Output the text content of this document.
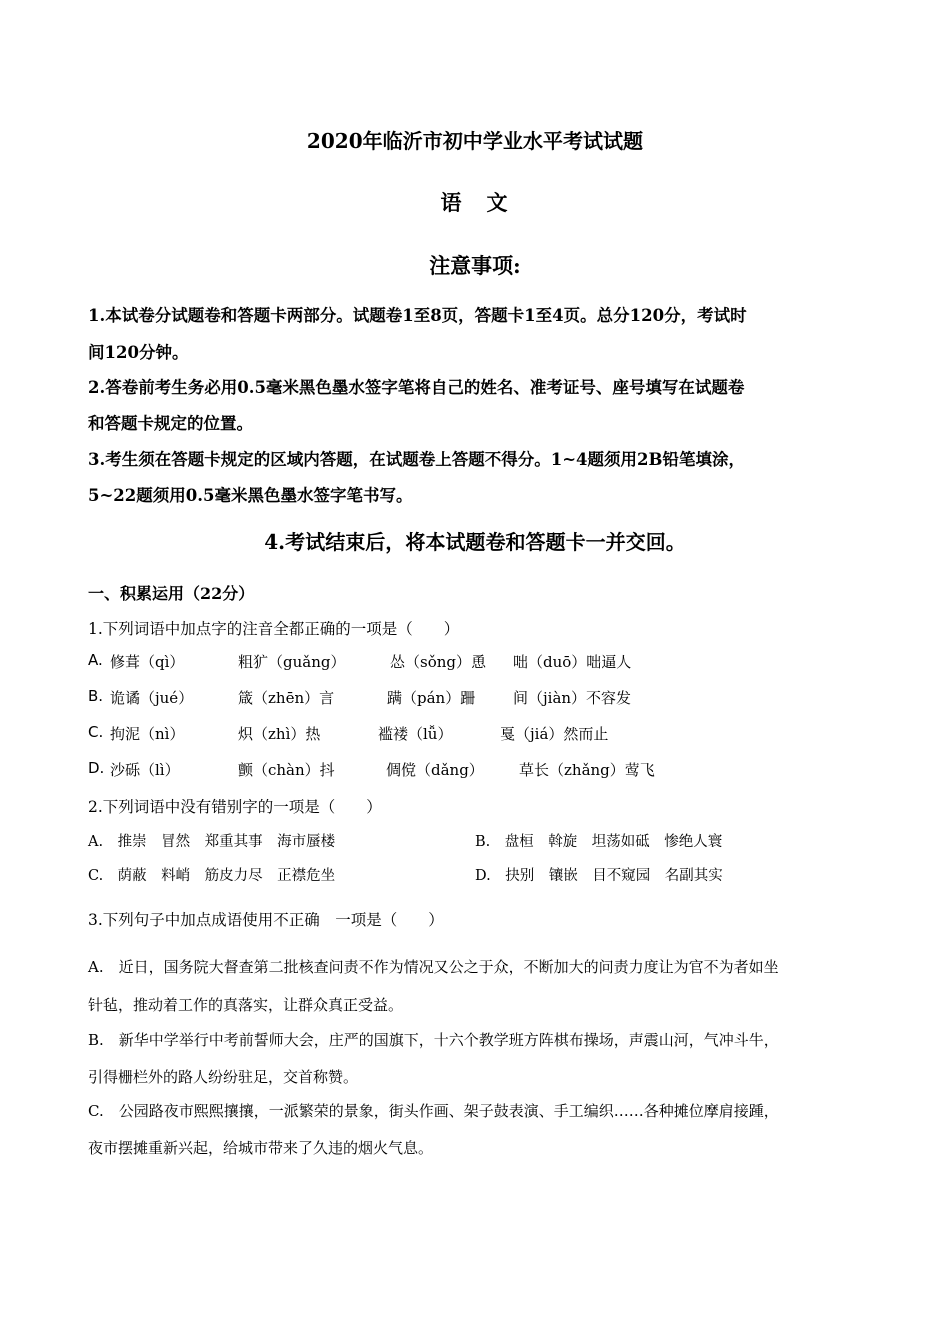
2020年临沂市初中学业水平考试试题
语　文
注意事项:
1.本试卷分试题卷和答题卡两部分。试题卷1至8页，答题卡1至4页。总分120分，考试时
间120分钟。
2.答卷前考生务必用0.5毫米黑色墨水签字笔将自己的姓名、准考证号、座号填写在试题卷
和答题卡规定的位置。
3.考生须在答题卡规定的区域内答题，在试题卷上答题不得分。1~4题须用2B铅笔填涂，
5~22题须用0.5毫米黑色墨水签字笔书写。
4.考试结束后，将本试题卷和答题卡一并交回。
一、积累运用（22分）
1.下列词语中加点字的注音全都正确的一项是（　　）
A. 修葺（qì）	粗犷（guǎng）	怂（sǒng）恿 咄（duō）咄逼人
B. 诡谲（jué）	箴（zhēn）言	蹒（pán）跚	间（jiàn）不容发
C. 拘泥（nì）	炽（zhì）热	褴褛（lǚ）	戛（jiá）然而止
D. 沙砾（lì）	颤（chàn）抖	倜傥（dǎng） 草长（zhǎng）莺飞
2.下列词语中没有错别字的一项是（　　）
A.　推崇　冒然　郑重其事　海市蜃楼	B.　盘桓　斡旋　坦荡如砥　惨绝人寰
C.　荫蔽　料峭　筋皮力尽　正襟危坐	D.　抉别　镶嵌　目不窥园　名副其实
3.下列句子中加点成语使用不正确　一项是（　　）
A.　近日，国务院大督查第二批核查问责不作为情况又公之于众，不断加大的问责力度让为官不为者如坐
针毡，推动着工作的真落实，让群众真正受益。
B.　新华中学举行中考前誓师大会，庄严的国旗下，十六个教学班方阵棋布操场，声震山河，气冲斗牛，
引得栅栏外的路人纷纷驻足，交首称赞。
C.　公园路夜市熙熙攘攘，一派繁荣的景象，街头作画、架子鼓表演、手工编织……各种摊位摩肩接踵，
夜市摆摊重新兴起，给城市带来了久违的烟火气息。
